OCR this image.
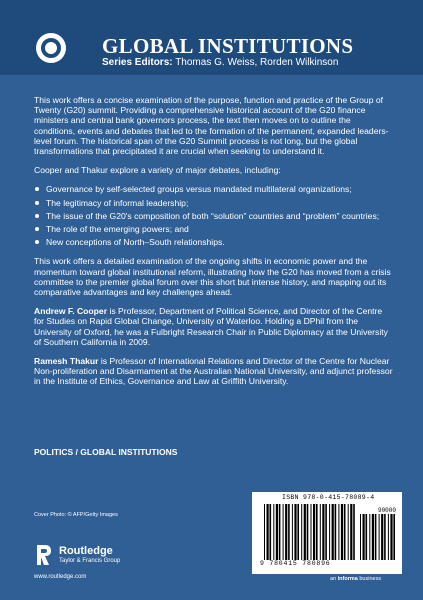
GLOBAL INSTITUTIONS
Series Editors: Thomas G. Weiss, Rorden Wilkinson

This work offers a concise examination of the purpose, function and practice of the Group of Twenty (G20) summit. Providing a comprehensive historical account of the G20 finance ministers and central bank governors process, the text then moves on to outline the conditions, events and debates that led to the formation of the permanent, expanded leaders-level forum. The historical span of the G20 Summit process is not long, but the global transformations that precipitated it are crucial when seeking to understand it.

Cooper and Thakur explore a variety of major debates, including:

Governance by self-selected groups versus mandated multilateral organizations;
The legitimacy of informal leadership;
The issue of the G20's composition of both “solution” countries and “problem” countries;
The role of the emerging powers; and
New conceptions of North–South relationships.

This work offers a detailed examination of the ongoing shifts in economic power and the momentum toward global institutional reform, illustrating how the G20 has moved from a crisis committee to the premier global forum over this short but intense history, and mapping out its comparative advantages and key challenges ahead.

Andrew F. Cooper is Professor, Department of Political Science, and Director of the Centre for Studies on Rapid Global Change, University of Waterloo. Holding a DPhil from the University of Oxford, he was a Fulbright Research Chair in Public Diplomacy at the University of Southern California in 2009.

Ramesh Thakur is Professor of International Relations and Director of the Centre for Nuclear Non-proliferation and Disarmament at the Australian National University, and adjunct professor in the Institute of Ethics, Governance and Law at Griffith University.

POLITICS / GLOBAL INSTITUTIONS
Cover Photo: © AFP/Getty Images
Routledge
Taylor & Francis Group
www.routledge.com
ISBN 978-0-415-78089-4
90000
9 780415 780896
an informa business
